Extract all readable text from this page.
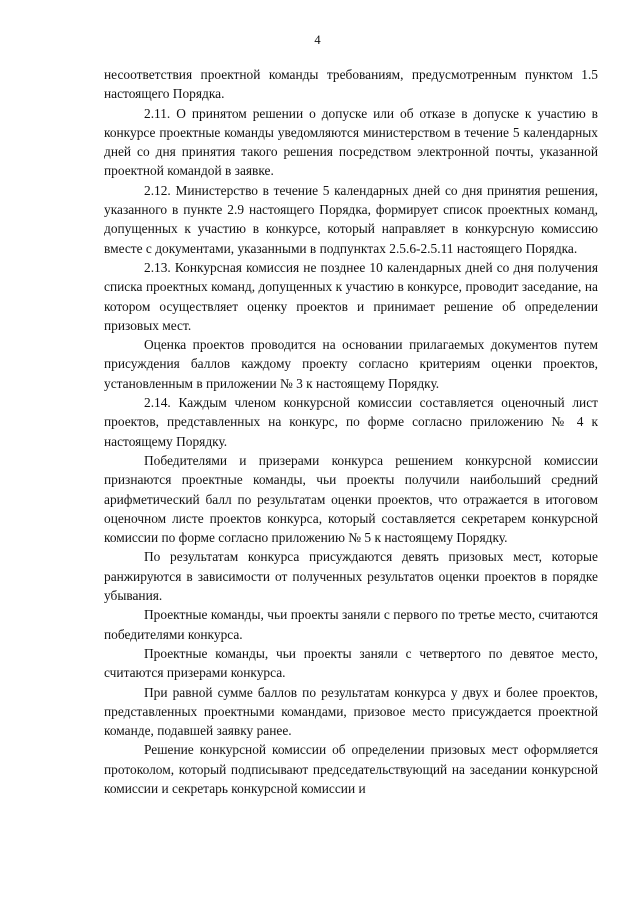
4

несоответствия проектной команды требованиям, предусмотренным пунктом 1.5 настоящего Порядка.

2.11. О принятом решении о допуске или об отказе в допуске к участию в конкурсе проектные команды уведомляются министерством в течение 5 календарных дней со дня принятия такого решения посредством электронной почты, указанной проектной командой в заявке.

2.12. Министерство в течение 5 календарных дней со дня принятия решения, указанного в пункте 2.9 настоящего Порядка, формирует список проектных команд, допущенных к участию в конкурсе, который направляет в конкурсную комиссию вместе с документами, указанными в подпунктах 2.5.6-2.5.11 настоящего Порядка.

2.13. Конкурсная комиссия не позднее 10 календарных дней со дня получения списка проектных команд, допущенных к участию в конкурсе, проводит заседание, на котором осуществляет оценку проектов и принимает решение об определении призовых мест.

Оценка проектов проводится на основании прилагаемых документов путем присуждения баллов каждому проекту согласно критериям оценки проектов, установленным в приложении № 3 к настоящему Порядку.

2.14. Каждым членом конкурсной комиссии составляется оценочный лист проектов, представленных на конкурс, по форме согласно приложению № 4 к настоящему Порядку.

Победителями и призерами конкурса решением конкурсной комиссии признаются проектные команды, чьи проекты получили наибольший средний арифметический балл по результатам оценки проектов, что отражается в итоговом оценочном листе проектов конкурса, который составляется секретарем конкурсной комиссии по форме согласно приложению № 5 к настоящему Порядку.

По результатам конкурса присуждаются девять призовых мест, которые ранжируются в зависимости от полученных результатов оценки проектов в порядке убывания.

Проектные команды, чьи проекты заняли с первого по третье место, считаются победителями конкурса.

Проектные команды, чьи проекты заняли с четвертого по девятое место, считаются призерами конкурса.

При равной сумме баллов по результатам конкурса у двух и более проектов, представленных проектными командами, призовое место присуждается проектной команде, подавшей заявку ранее.

Решение конкурсной комиссии об определении призовых мест оформляется протоколом, который подписывают председательствующий на заседании конкурсной комиссии и секретарь конкурсной комиссии и
